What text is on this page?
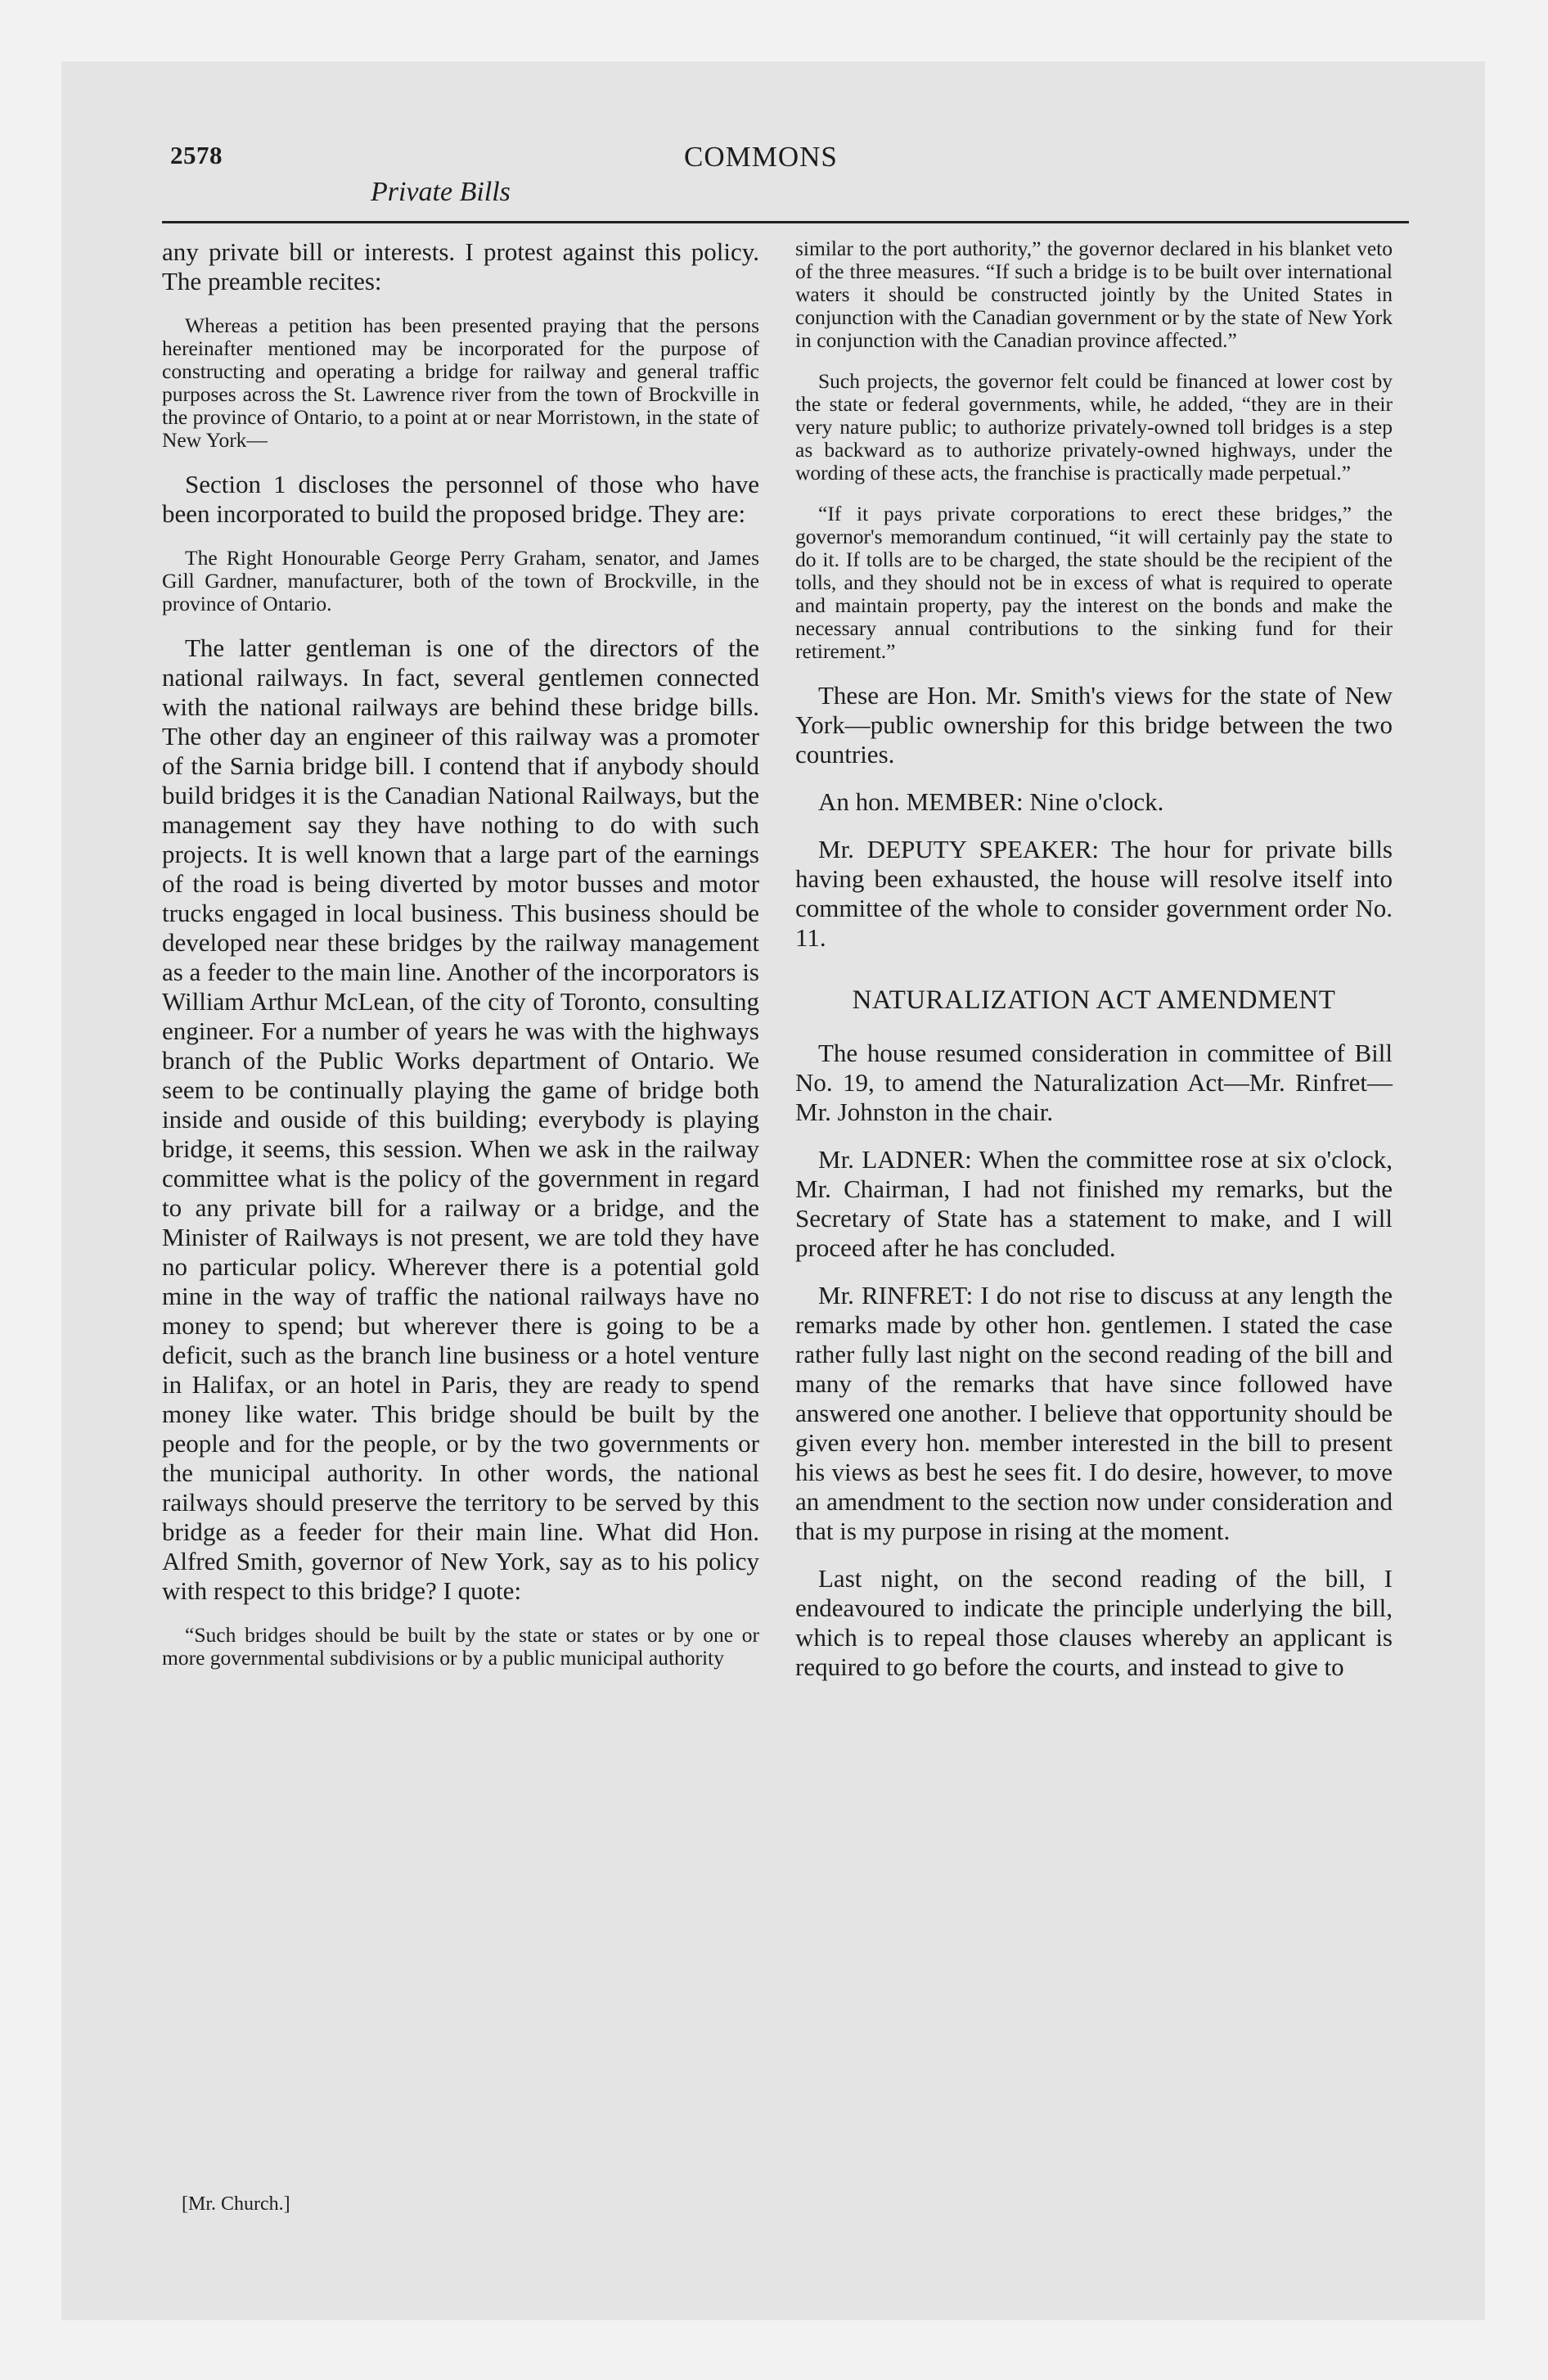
2578	COMMONS
Private Bills

any private bill or interests. I protest against this policy. The preamble recites:

Whereas a petition has been presented praying that the persons hereinafter mentioned may be incorporated for the purpose of constructing and operating a bridge for railway and general traffic purposes across the St. Lawrence river from the town of Brockville in the province of Ontario, to a point at or near Morristown, in the state of New York—

Section 1 discloses the personnel of those who have been incorporated to build the proposed bridge. They are:

The Right Honourable George Perry Graham, senator, and James Gill Gardner, manufacturer, both of the town of Brockville, in the province of Ontario.

The latter gentleman is one of the directors of the national railways. In fact, several gentlemen connected with the national railways are behind these bridge bills. The other day an engineer of this railway was a promoter of the Sarnia bridge bill. I contend that if anybody should build bridges it is the Canadian National Railways, but the management say they have nothing to do with such projects. It is well known that a large part of the earnings of the road is being diverted by motor busses and motor trucks engaged in local business. This business should be developed near these bridges by the railway management as a feeder to the main line. Another of the incorporators is William Arthur McLean, of the city of Toronto, consulting engineer. For a number of years he was with the highways branch of the Public Works department of Ontario. We seem to be continually playing the game of bridge both inside and ouside of this building; everybody is playing bridge, it seems, this session. When we ask in the railway committee what is the policy of the government in regard to any private bill for a railway or a bridge, and the Minister of Railways is not present, we are told they have no particular policy. Wherever there is a potential gold mine in the way of traffic the national railways have no money to spend; but wherever there is going to be a deficit, such as the branch line business or a hotel venture in Halifax, or an hotel in Paris, they are ready to spend money like water. This bridge should be built by the people and for the people, or by the two governments or the municipal authority. In other words, the national railways should preserve the territory to be served by this bridge as a feeder for their main line. What did Hon. Alfred Smith, governor of New York, say as to his policy with respect to this bridge? I quote:

“Such bridges should be built by the state or states or by one or more governmental subdivisions or by a public municipal authority

[Mr. Church.]

similar to the port authority,” the governor declared in his blanket veto of the three measures. “If such a bridge is to be built over international waters it should be constructed jointly by the United States in conjunction with the Canadian government or by the state of New York in conjunction with the Canadian province affected.”

Such projects, the governor felt could be financed at lower cost by the state or federal governments, while, he added, “they are in their very nature public; to authorize privately-owned toll bridges is a step as backward as to authorize privately-owned highways, under the wording of these acts, the franchise is practically made perpetual.”

“If it pays private corporations to erect these bridges,” the governor's memorandum continued, “it will certainly pay the state to do it. If tolls are to be charged, the state should be the recipient of the tolls, and they should not be in excess of what is required to operate and maintain property, pay the interest on the bonds and make the necessary annual contributions to the sinking fund for their retirement.”

These are Hon. Mr. Smith's views for the state of New York—public ownership for this bridge between the two countries.

An hon. MEMBER: Nine o'clock.

Mr. DEPUTY SPEAKER: The hour for private bills having been exhausted, the house will resolve itself into committee of the whole to consider government order No. 11.

NATURALIZATION ACT AMENDMENT

The house resumed consideration in committee of Bill No. 19, to amend the Naturalization Act—Mr. Rinfret—Mr. Johnston in the chair.

Mr. LADNER: When the committee rose at six o'clock, Mr. Chairman, I had not finished my remarks, but the Secretary of State has a statement to make, and I will proceed after he has concluded.

Mr. RINFRET: I do not rise to discuss at any length the remarks made by other hon. gentlemen. I stated the case rather fully last night on the second reading of the bill and many of the remarks that have since followed have answered one another. I believe that opportunity should be given every hon. member interested in the bill to present his views as best he sees fit. I do desire, however, to move an amendment to the section now under consideration and that is my purpose in rising at the moment.

Last night, on the second reading of the bill, I endeavoured to indicate the principle underlying the bill, which is to repeal those clauses whereby an applicant is required to go before the courts, and instead to give to
